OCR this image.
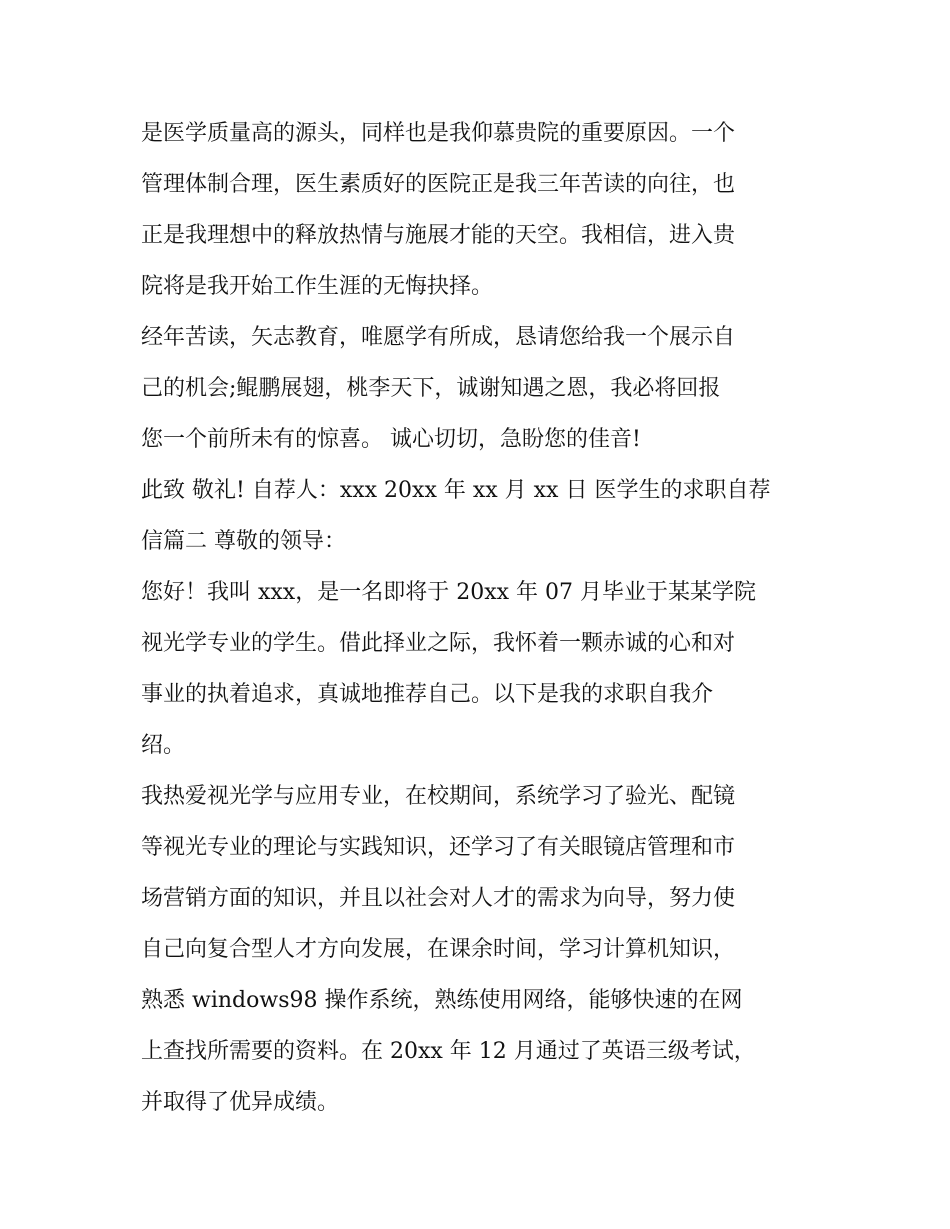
是医学质量高的源头，同样也是我仰慕贵院的重要原因。一个
管理体制合理，医生素质好的医院正是我三年苦读的向往，也
正是我理想中的释放热情与施展才能的天空。我相信，进入贵
院将是我开始工作生涯的无悔抉择。
经年苦读，矢志教育，唯愿学有所成，恳请您给我一个展示自
己的机会;鲲鹏展翅，桃李天下，诚谢知遇之恩，我必将回报
您一个前所未有的惊喜。 诚心切切，急盼您的佳音!
此致 敬礼! 自荐人：xxx 20xx 年 xx 月 xx 日 医学生的求职自荐
信篇二 尊敬的领导：
您好！我叫 xxx，是一名即将于 20xx 年 07 月毕业于某某学院
视光学专业的学生。借此择业之际，我怀着一颗赤诚的心和对
事业的执着追求，真诚地推荐自己。以下是我的求职自我介
绍。
我热爱视光学与应用专业，在校期间，系统学习了验光、配镜
等视光专业的理论与实践知识，还学习了有关眼镜店管理和市
场营销方面的知识，并且以社会对人才的需求为向导，努力使
自己向复合型人才方向发展，在课余时间，学习计算机知识，
熟悉 windows98 操作系统，熟练使用网络，能够快速的在网
上查找所需要的资料。在 20xx 年 12 月通过了英语三级考试，
并取得了优异成绩。
